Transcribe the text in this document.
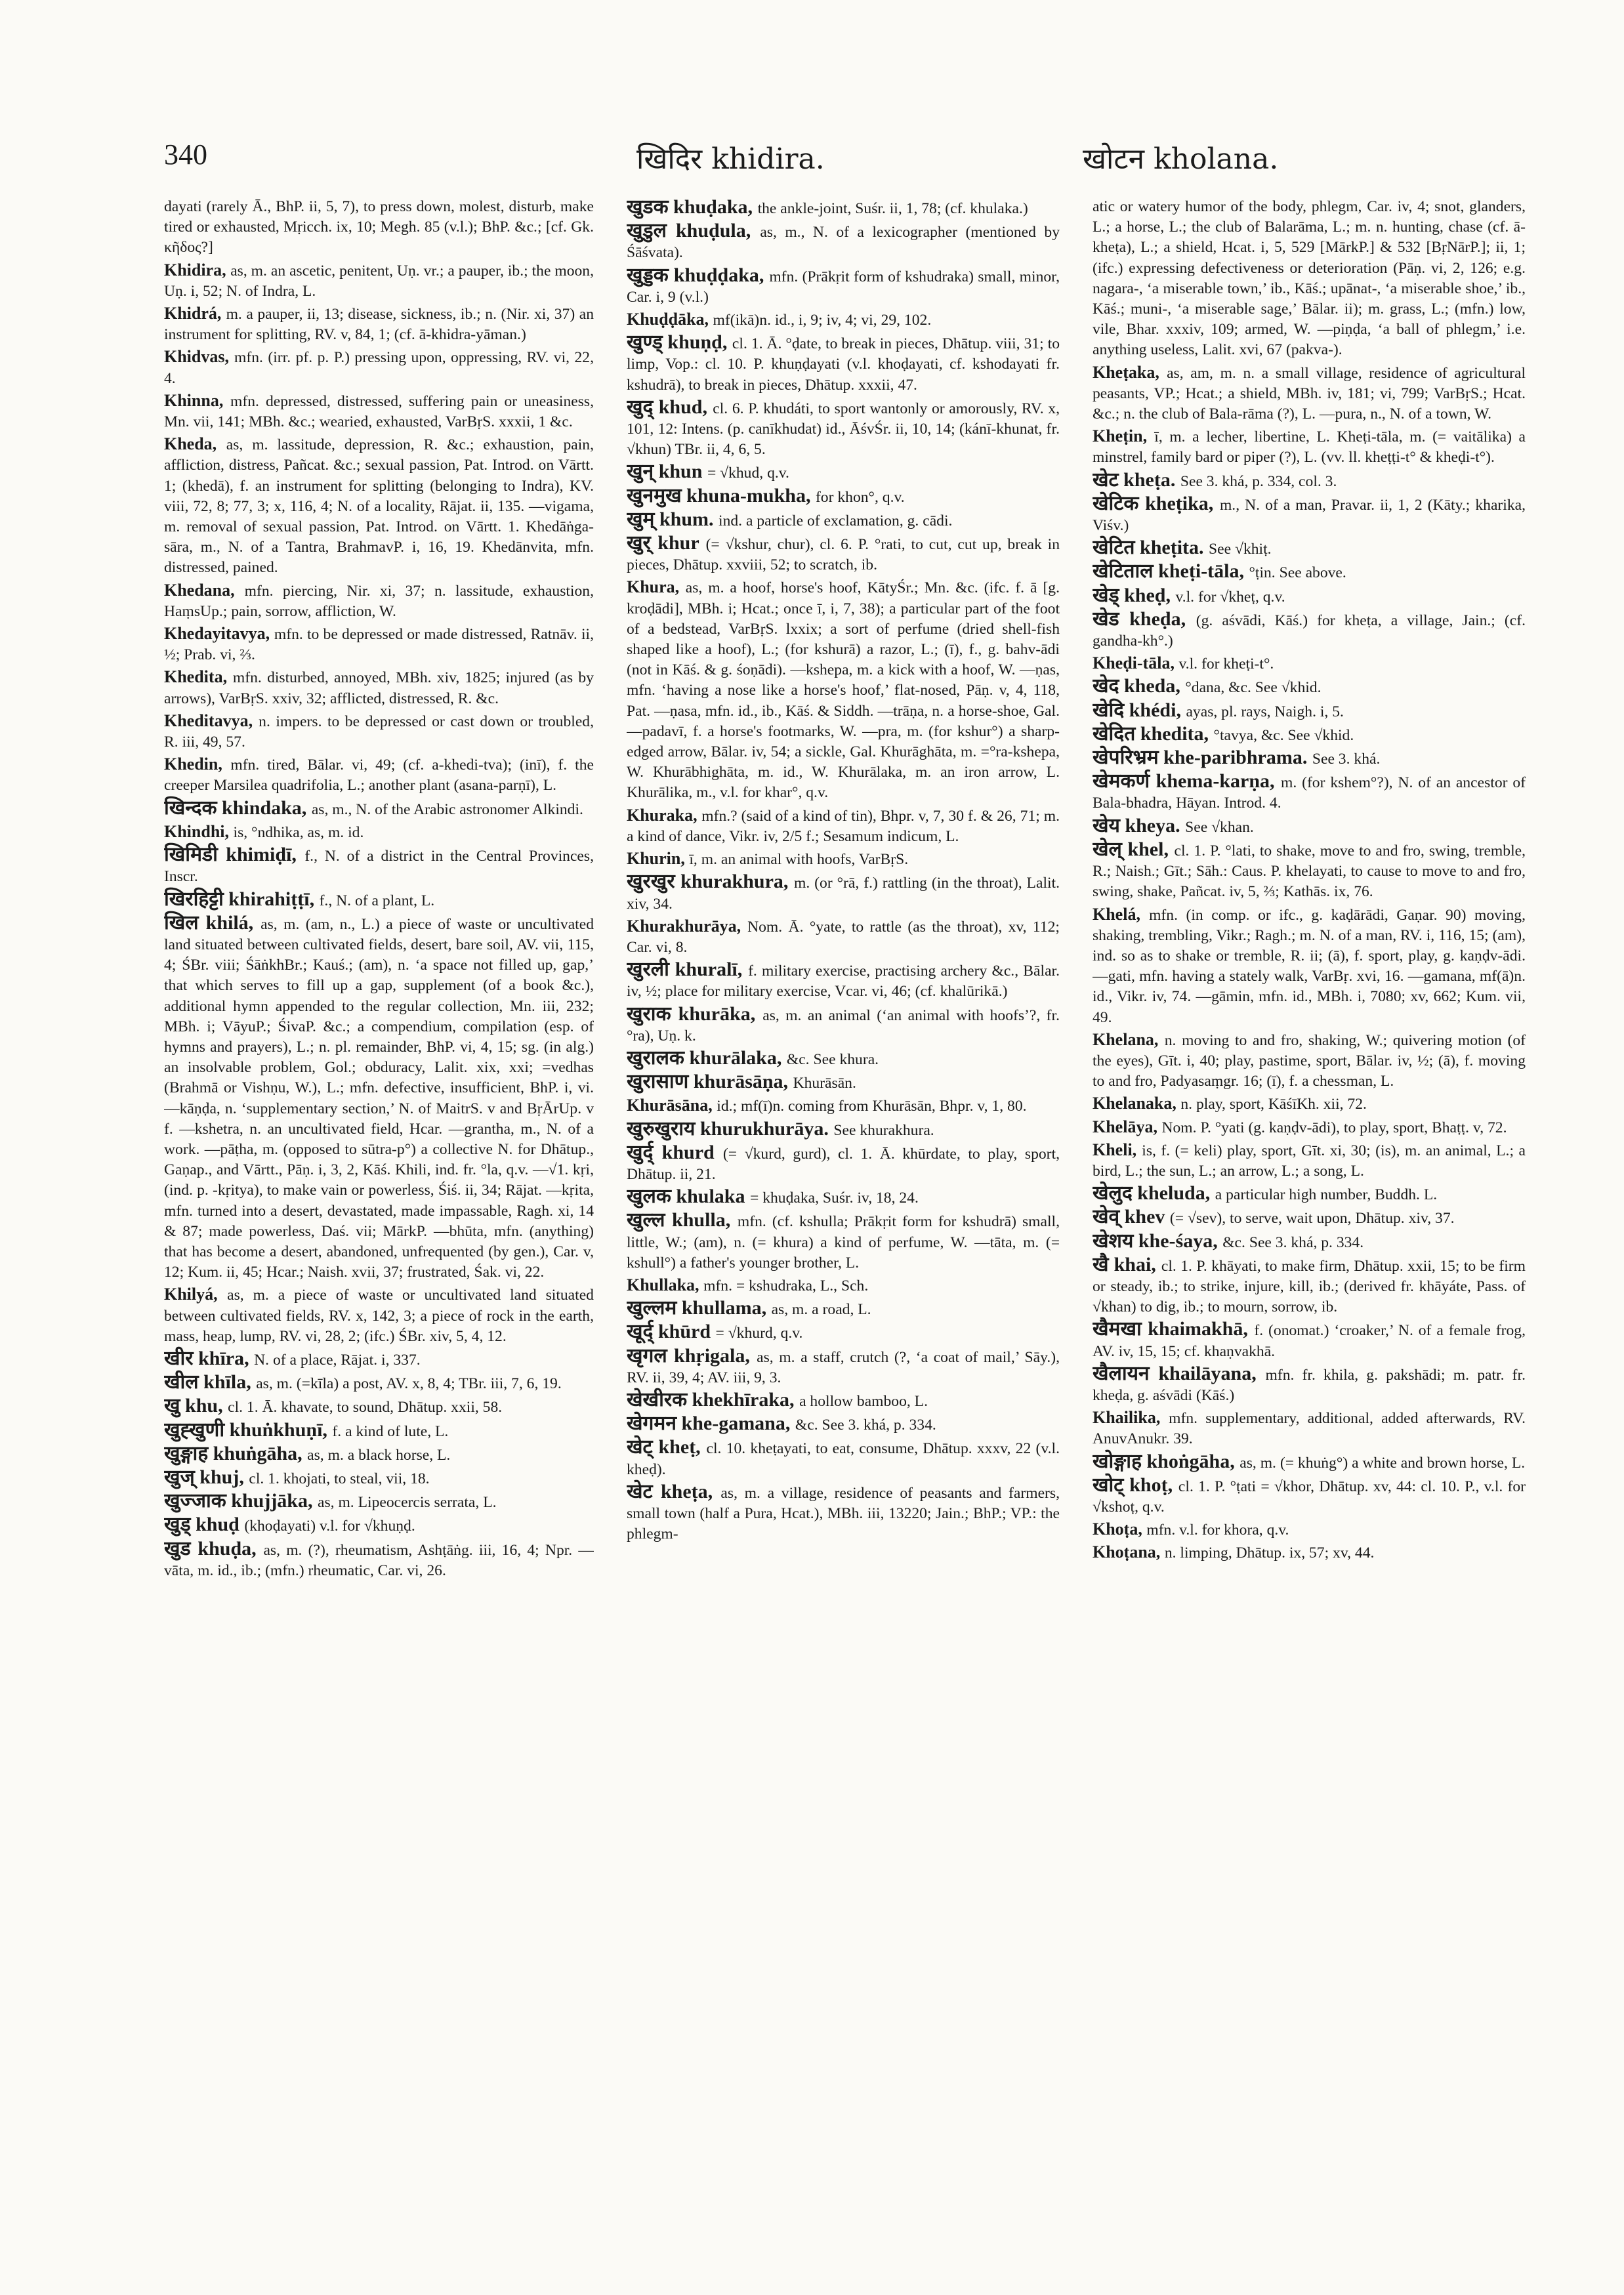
340	खिदिर khidira.	खोटन kholana.

dayati (rarely Ā., BhP. ii, 5, 7), to press down, molest, disturb, make tired or exhausted, Mṛicch. ix, 10; Megh. 85 (v.l.); BhP. &c.; [cf. Gk. κῆδος?]

Khidira, as, m. an ascetic, penitent, Uṇ. vr.; a pauper, ib.; the moon, Uṇ. i, 52; N. of Indra, L.

Khidrá, m. a pauper, ii, 13; disease, sickness, ib.; n. (Nir. xi, 37) an instrument for splitting, RV. v, 84, 1; (cf. ā-khidra-yāman.)

Khidvas, mfn. (irr. pf. p. P.) pressing upon, oppressing, RV. vi, 22, 4.

Khinna, mfn. depressed, distressed, suffering pain or uneasiness, Mn. vii, 141; MBh. &c.; wearied, exhausted, VarBṛS. xxxii, 1 &c.

Kheda, as, m. lassitude, depression, R. &c.; exhaustion, pain, affliction, distress, Pañcat. &c.; sexual passion, Pat. Introd. on Vārtt. 1; (khedā), f. an instrument for splitting (belonging to Indra), KV. viii, 72, 8; 77, 3; x, 116, 4; N. of a locality, Rājat. ii, 135. —vigama, m. removal of sexual passion, Pat. Introd. on Vārtt. 1. Khedāṅga-sāra, m., N. of a Tantra, BrahmavP. i, 16, 19. Khedānvita, mfn. distressed, pained.

Khedana, mfn. piercing, Nir. xi, 37; n. lassitude, exhaustion, HaṃsUp.; pain, sorrow, affliction, W.

Khedayitavya, mfn. to be depressed or made distressed, Ratnāv. ii, ½; Prab. vi, ⅔.

Khedita, mfn. disturbed, annoyed, MBh. xiv, 1825; injured (as by arrows), VarBṛS. xxiv, 32; afflicted, distressed, R. &c.

Kheditavya, n. impers. to be depressed or cast down or troubled, R. iii, 49, 57.

Khedin, mfn. tired, Bālar. vi, 49; (cf. a-khedi-tva); (inī), f. the creeper Marsilea quadrifolia, L.; another plant (asana-parṇī), L.

खिन्दक khindaka, as, m., N. of the Arabic astronomer Alkindi.

Khindhi, is, °ndhika, as, m. id.

खिमिडी khimiḍī, f., N. of a district in the Central Provinces, Inscr.

खिरहिट्टी khirahiṭṭī, f., N. of a plant, L.

खिल khilá, as, m. (am, n., L.) a piece of waste or uncultivated land situated between cultivated fields, desert, bare soil, AV. vii, 115, 4; ŚBr. viii; ŚāṅkhBr.; Kauś.; (am), n. ‘a space not filled up, gap,’ that which serves to fill up a gap, supplement (of a book &c.), additional hymn appended to the regular collection, Mn. iii, 232; MBh. i; VāyuP.; ŚivaP. &c.; a compendium, compilation (esp. of hymns and prayers), L.; n. pl. remainder, BhP. vi, 4, 15; sg. (in alg.) an insolvable problem, Gol.; obduracy, Lalit. xix, xxi; =vedhas (Brahmā or Vishṇu, W.), L.; mfn. defective, insufficient, BhP. i, vi. —kāṇḍa, n. ‘supplementary section,’ N. of MaitrS. v and BṛĀrUp. v f. —kshetra, n. an uncultivated field, Hcar. —grantha, m., N. of a work. —pāṭha, m. (opposed to sūtra-p°) a collective N. for Dhātup., Gaṇap., and Vārtt., Pāṇ. i, 3, 2, Kāś. Khili, ind. fr. °la, q.v. —√1. kṛi, (ind. p. -kṛitya), to make vain or powerless, Śiś. ii, 34; Rājat. —kṛita, mfn. turned into a desert, devastated, made impassable, Ragh. xi, 14 & 87; made powerless, Daś. vii; MārkP. —bhūta, mfn. (anything) that has become a desert, abandoned, unfrequented (by gen.), Car. v, 12; Kum. ii, 45; Hcar.; Naish. xvii, 37; frustrated, Śak. vi, 22.

Khilyá, as, m. a piece of waste or uncultivated land situated between cultivated fields, RV. x, 142, 3; a piece of rock in the earth, mass, heap, lump, RV. vi, 28, 2; (ifc.) ŚBr. xiv, 5, 4, 12.

खीर khīra, N. of a place, Rājat. i, 337.

खील khīla, as, m. (=kīla) a post, AV. x, 8, 4; TBr. iii, 7, 6, 19.

खु khu, cl. 1. Ā. khavate, to sound, Dhātup. xxii, 58.

खुह्खुणी khuṅkhuṇī, f. a kind of lute, L.

खुङ्गाह khuṅgāha, as, m. a black horse, L.

खुज् khuj, cl. 1. khojati, to steal, vii, 18.

खुज्जाक khujjāka, as, m. Lipeocercis serrata, L.

खुड् khuḍ (khoḍayati) v.l. for √khuṇḍ.

खुड khuḍa, as, m. (?), rheumatism, Ashṭāṅg. iii, 16, 4; Npr. —vāta, m. id., ib.; (mfn.) rheumatic, Car. vi, 26.

खुडक khuḍaka, the ankle-joint, Suśr. ii, 1, 78; (cf. khulaka.)

खुडुल khuḍula, as, m., N. of a lexicographer (mentioned by Śāśvata).

खुड्डक khuḍḍaka, mfn. (Prākṛit form of kshudraka) small, minor, Car. i, 9 (v.l.)

Khuḍḍāka, mf(ikā)n. id., i, 9; iv, 4; vi, 29, 102.

खुण्ड् khuṇḍ, cl. 1. Ā. °ḍate, to break in pieces, Dhātup. viii, 31; to limp, Vop.: cl. 10. P. khuṇḍayati (v.l. khoḍayati, cf. kshodayati fr. kshudrā), to break in pieces, Dhātup. xxxii, 47.

खुद् khud, cl. 6. P. khudáti, to sport wantonly or amorously, RV. x, 101, 12: Intens. (p. canīkhudat) id., ĀśvŚr. ii, 10, 14; (kánī-khunat, fr. √khun) TBr. ii, 4, 6, 5.

खुन् khun = √khud, q.v.

खुनमुख khuna-mukha, for khon°, q.v.

खुम् khum. ind. a particle of exclamation, g. cādi.

खुर् khur (= √kshur, chur), cl. 6. P. °rati, to cut, cut up, break in pieces, Dhātup. xxviii, 52; to scratch, ib.

Khura, as, m. a hoof, horse's hoof, KātyŚr.; Mn. &c. (ifc. f. ā [g. kroḍādi], MBh. i; Hcat.; once ī, i, 7, 38); a particular part of the foot of a bedstead, VarBṛS. lxxix; a sort of perfume (dried shell-fish shaped like a hoof), L.; (for kshurā) a razor, L.; (ī), f., g. bahv-ādi (not in Kāś. & g. śoṇādi). —kshepa, m. a kick with a hoof, W. —ṇas, mfn. ‘having a nose like a horse's hoof,’ flat-nosed, Pāṇ. v, 4, 118, Pat. —ṇasa, mfn. id., ib., Kāś. & Siddh. —trāṇa, n. a horse-shoe, Gal. —padavī, f. a horse's footmarks, W. —pra, m. (for kshur°) a sharp-edged arrow, Bālar. iv, 54; a sickle, Gal. Khurāghāta, m. =°ra-kshepa, W. Khurābhighāta, m. id., W. Khurālaka, m. an iron arrow, L. Khurālika, m., v.l. for khar°, q.v.

Khuraka, mfn.? (said of a kind of tin), Bhpr. v, 7, 30 f. & 26, 71; m. a kind of dance, Vikr. iv, 2/5 f.; Sesamum indicum, L.

Khurin, ī, m. an animal with hoofs, VarBṛS.

खुरखुर khurakhura, m. (or °rā, f.) rattling (in the throat), Lalit. xiv, 34.

Khurakhurāya, Nom. Ā. °yate, to rattle (as the throat), xv, 112; Car. vi, 8.

खुरली khuralī, f. military exercise, practising archery &c., Bālar. iv, ½; place for military exercise, Vcar. vi, 46; (cf. khalūrikā.)

खुराक khurāka, as, m. an animal (‘an animal with hoofs’?, fr. °ra), Uṇ. k.

खुरालक khurālaka, &c. See khura.

खुरासाण khurāsāṇa, Khurāsān.

Khurāsāna, id.; mf(ī)n. coming from Khurāsān, Bhpr. v, 1, 80.

खुरुखुराय khurukhurāya. See khurakhura.

खुर्द् khurd (= √kurd, gurd), cl. 1. Ā. khūrdate, to play, sport, Dhātup. ii, 21.

खुलक khulaka = khuḍaka, Suśr. iv, 18, 24.

खुल्ल khulla, mfn. (cf. kshulla; Prākṛit form for kshudrā) small, little, W.; (am), n. (= khura) a kind of perfume, W. —tāta, m. (= kshull°) a father's younger brother, L.

Khullaka, mfn. = kshudraka, L., Sch.

खुल्लम khullama, as, m. a road, L.

खूर्द् khūrd = √khurd, q.v.

खृगल khṛigala, as, m. a staff, crutch (?, ‘a coat of mail,’ Sāy.), RV. ii, 39, 4; AV. iii, 9, 3.

खेखीरक khekhīraka, a hollow bamboo, L.

खेगमन khe-gamana, &c. See 3. khá, p. 334.

खेट् kheṭ, cl. 10. kheṭayati, to eat, consume, Dhātup. xxxv, 22 (v.l. kheḍ).

खेट kheṭa, as, m. a village, residence of peasants and farmers, small town (half a Pura, Hcat.), MBh. iii, 13220; Jain.; BhP.; VP.: the phlegm-

atic or watery humor of the body, phlegm, Car. iv, 4; snot, glanders, L.; a horse, L.; the club of Balarāma, L.; m. n. hunting, chase (cf. ā-kheṭa), L.; a shield, Hcat. i, 5, 529 [MārkP.] & 532 [BṛNārP.]; ii, 1; (ifc.) expressing defectiveness or deterioration (Pāṇ. vi, 2, 126; e.g. nagara-, ‘a miserable town,’ ib., Kāś.; upānat-, ‘a miserable shoe,’ ib., Kāś.; muni-, ‘a miserable sage,’ Bālar. ii); m. grass, L.; (mfn.) low, vile, Bhar. xxxiv, 109; armed, W. —piṇḍa, ‘a ball of phlegm,’ i.e. anything useless, Lalit. xvi, 67 (pakva-).

Kheṭaka, as, am, m. n. a small village, residence of agricultural peasants, VP.; Hcat.; a shield, MBh. iv, 181; vi, 799; VarBṛS.; Hcat. &c.; n. the club of Bala-rāma (?), L. —pura, n., N. of a town, W.

Kheṭin, ī, m. a lecher, libertine, L. Kheṭi-tāla, m. (= vaitālika) a minstrel, family bard or piper (?), L. (vv. ll. kheṭṭi-t° & kheḍi-t°).

खेट kheṭa. See 3. khá, p. 334, col. 3.

खेटिक kheṭika, m., N. of a man, Pravar. ii, 1, 2 (Kāty.; kharika, Viśv.)

खेटित kheṭita. See √khiṭ.

खेटिताल kheṭi-tāla, °ṭin. See above.

खेड् kheḍ, v.l. for √kheṭ, q.v.

खेड kheḍa, (g. aśvādi, Kāś.) for kheṭa, a village, Jain.; (cf. gandha-kh°.)

Kheḍi-tāla, v.l. for kheṭi-t°.

खेद kheda, °dana, &c. See √khid.

खेदि khédi, ayas, pl. rays, Naigh. i, 5.

खेदित khedita, °tavya, &c. See √khid.

खेपरिभ्रम khe-paribhrama. See 3. khá.

खेमकर्ण khema-karṇa, m. (for kshem°?), N. of an ancestor of Bala-bhadra, Hāyan. Introd. 4.

खेय kheya. See √khan.

खेल् khel, cl. 1. P. °lati, to shake, move to and fro, swing, tremble, R.; Naish.; Gīt.; Sāh.: Caus. P. khelayati, to cause to move to and fro, swing, shake, Pañcat. iv, 5, ⅔; Kathās. ix, 76.

Khelá, mfn. (in comp. or ifc., g. kaḍārādi, Gaṇar. 90) moving, shaking, trembling, Vikr.; Ragh.; m. N. of a man, RV. i, 116, 15; (am), ind. so as to shake or tremble, R. ii; (ā), f. sport, play, g. kaṇḍv-ādi. —gati, mfn. having a stately walk, VarBṛ. xvi, 16. —gamana, mf(ā)n. id., Vikr. iv, 74. —gāmin, mfn. id., MBh. i, 7080; xv, 662; Kum. vii, 49.

Khelana, n. moving to and fro, shaking, W.; quivering motion (of the eyes), Gīt. i, 40; play, pastime, sport, Bālar. iv, ½; (ā), f. moving to and fro, Padyasaṃgr. 16; (ī), f. a chessman, L.

Khelanaka, n. play, sport, KāśīKh. xii, 72.

Khelāya, Nom. P. °yati (g. kaṇḍv-ādi), to play, sport, Bhaṭṭ. v, 72.

Kheli, is, f. (= keli) play, sport, Gīt. xi, 30; (is), m. an animal, L.; a bird, L.; the sun, L.; an arrow, L.; a song, L.

खेलुद kheluda, a particular high number, Buddh. L.

खेव् khev (= √sev), to serve, wait upon, Dhātup. xiv, 37.

खेशय khe-śaya, &c. See 3. khá, p. 334.

खै khai, cl. 1. P. khāyati, to make firm, Dhātup. xxii, 15; to be firm or steady, ib.; to strike, injure, kill, ib.; (derived fr. khāyáte, Pass. of √khan) to dig, ib.; to mourn, sorrow, ib.

खैमखा khaimakhā, f. (onomat.) ‘croaker,’ N. of a female frog, AV. iv, 15, 15; cf. khaṇvakhā.

खैलायन khailāyana, mfn. fr. khila, g. pakshādi; m. patr. fr. kheḍa, g. aśvādi (Kāś.)

Khailika, mfn. supplementary, additional, added afterwards, RV. AnuvAnukr. 39.

खोङ्गाह khoṅgāha, as, m. (= khuṅg°) a white and brown horse, L.

खोट् khoṭ, cl. 1. P. °ṭati = √khor, Dhātup. xv, 44: cl. 10. P., v.l. for √kshoṭ, q.v.

Khoṭa, mfn. v.l. for khora, q.v.

Khoṭana, n. limping, Dhātup. ix, 57; xv, 44.
